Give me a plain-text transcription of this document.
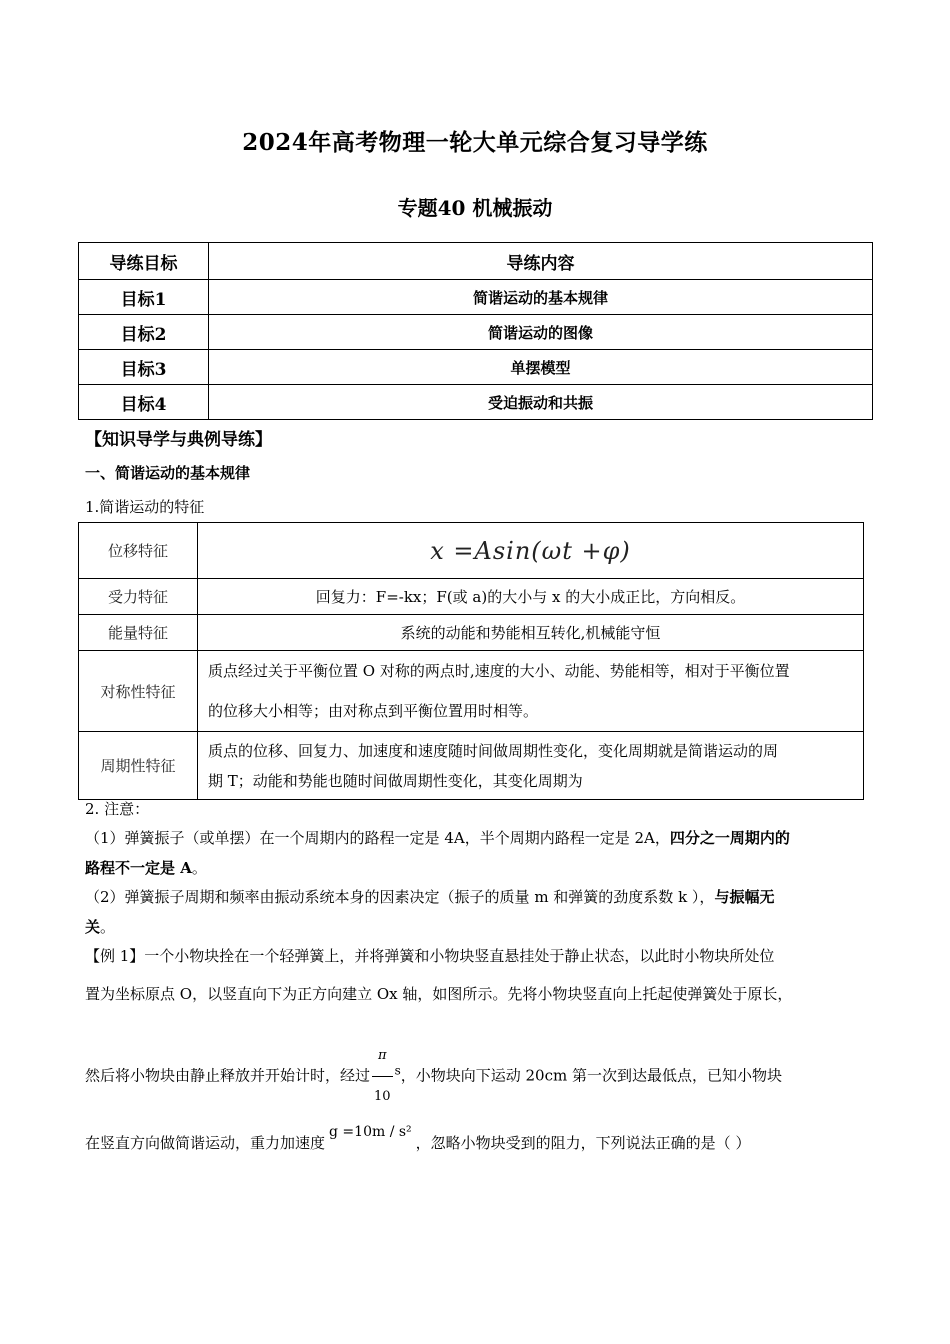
2024年高考物理一轮大单元综合复习导学练
专题40 机械振动
导练目标	导练内容
目标1	简谐运动的基本规律
目标2	简谐运动的图像
目标3	单摆模型
目标4	受迫振动和共振
【知识导学与典例导练】
一、简谐运动的基本规律
1.简谐运动的特征
位移特征	x =Asin(ωt +φ)
受力特征	回复力：F=-kx；F(或 a)的大小与 x 的大小成正比，方向相反。
能量特征	系统的动能和势能相互转化,机械能守恒
对称性特征	质点经过关于平衡位置 O 对称的两点时,速度的大小、动能、势能相等，相对于平衡位置
的位移大小相等；由对称点到平衡位置用时相等。

周期性特征	质点的位移、回复力、加速度和速度随时间做周期性变化，变化周期就是简谐运动的周
期 T；动能和势能也随时间做周期性变化，其变化周期为
2. 注意：
（1）弹簧振子（或单摆）在一个周期内的路程一定是 4A，半个周期内路程一定是 2A，四分之一周期内的
路程不一定是 A。
（2）弹簧振子周期和频率由振动系统本身的因素决定（振子的质量 m 和弹簧的劲度系数 k ），与振幅无
关。
【例 1】一个小物块拴在一个轻弹簧上，并将弹簧和小物块竖直悬挂处于静止状态，以此时小物块所处位
置为坐标原点 O，以竖直向下为正方向建立 Ox 轴，如图所示。先将小物块竖直向上托起使弹簧处于原长，
然后将小物块由静止释放并开始计时，经过 $\frac{\pi}{10} ^s$，小物块向下运动 20cm 第一次到达最低点，已知小物块
在竖直方向做简谐运动，重力加速度g =10m / s²，忽略小物块受到的阻力，下列说法正确的是（ ）
